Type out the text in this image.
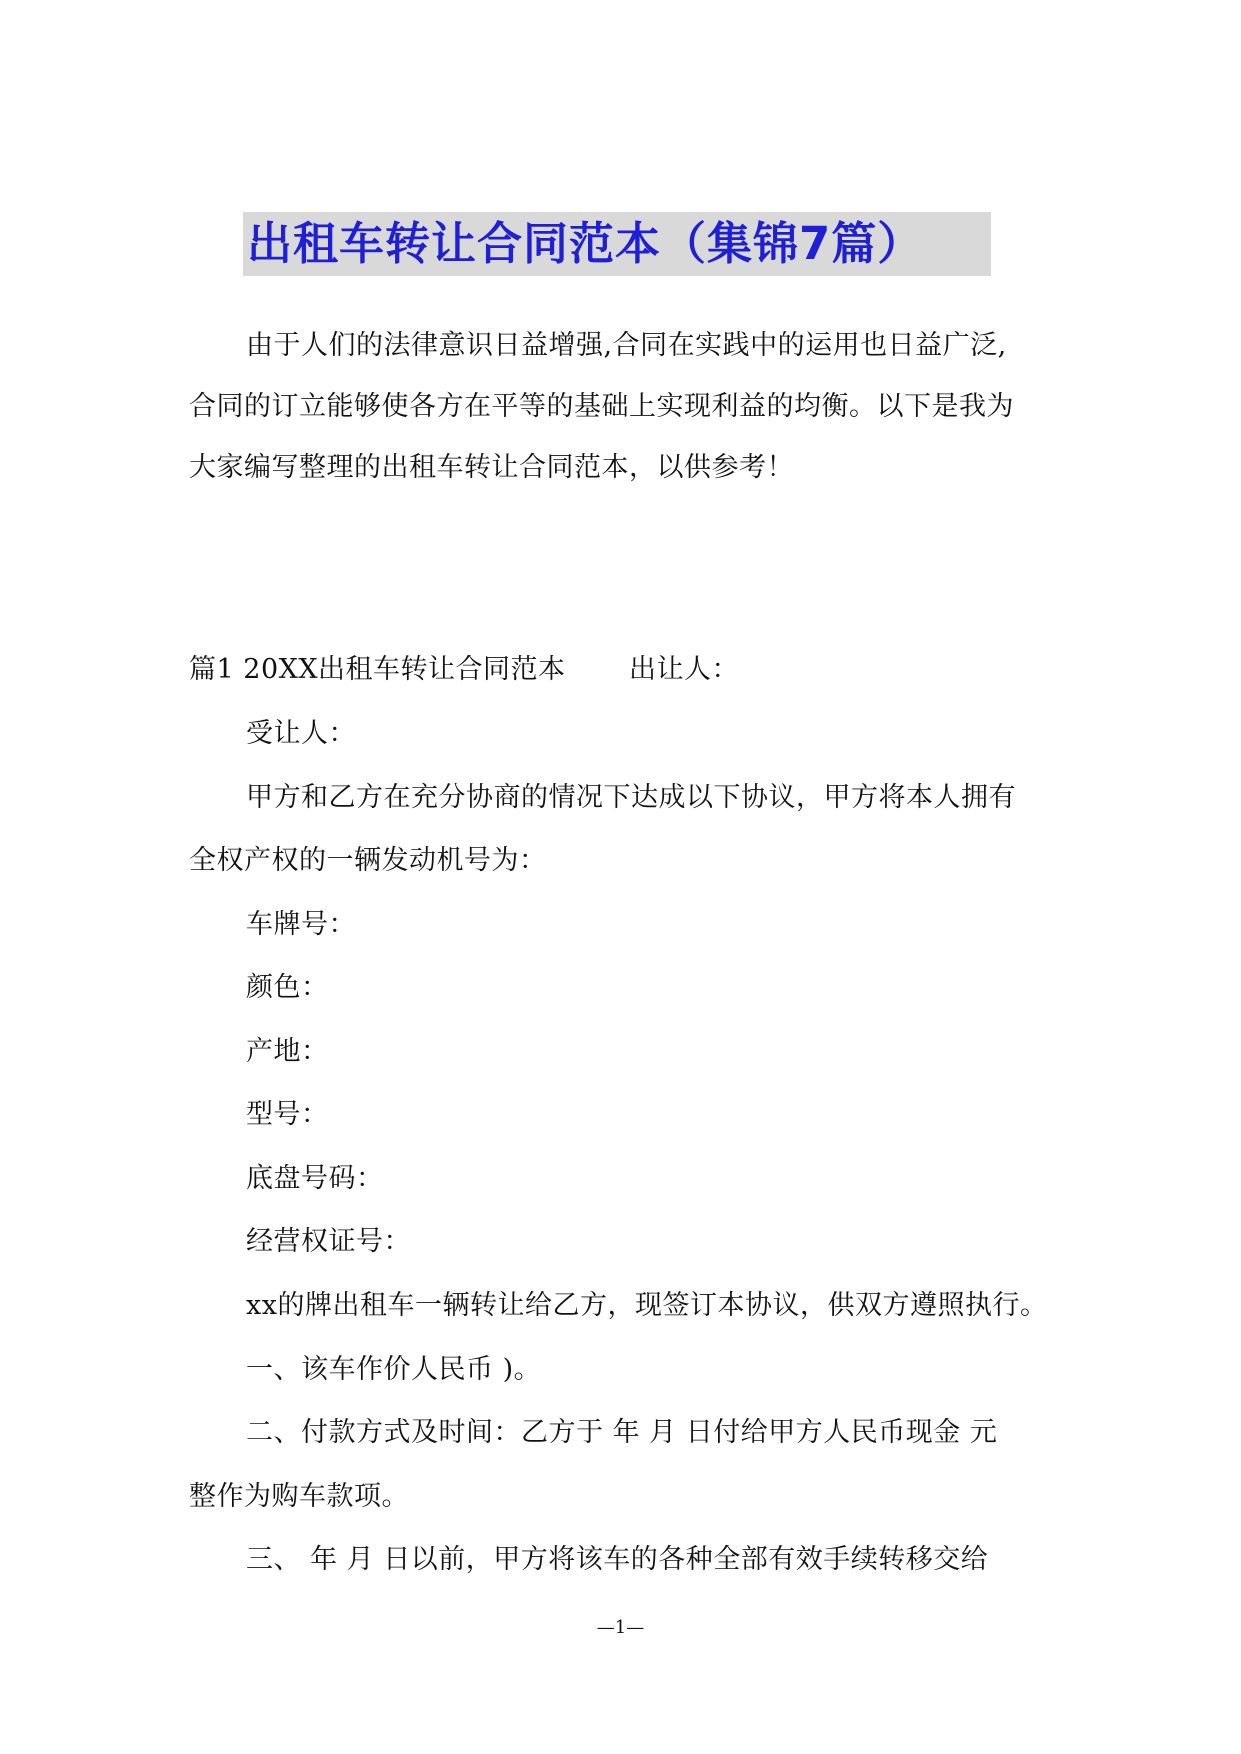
出租车转让合同范本（集锦7篇）
由于人们的法律意识日益增强,合同在实践中的运用也日益广泛,
合同的订立能够使各方在平等的基础上实现利益的均衡。以下是我为
大家编写整理的出租车转让合同范本，以供参考！
篇1 20XX出租车转让合同范本 出让人：
受让人：
甲方和乙方在充分协商的情况下达成以下协议，甲方将本人拥有
全权产权的一辆发动机号为：
车牌号：
颜色：
产地：
型号：
底盘号码：
经营权证号：
xx的牌出租车一辆转让给乙方，现签订本协议，供双方遵照执行。
一、该车作价人民币 )。
二、付款方式及时间：乙方于 年 月 日付给甲方人民币现金 元
整作为购车款项。
三、 年 月 日以前，甲方将该车的各种全部有效手续转移交给
—1—
